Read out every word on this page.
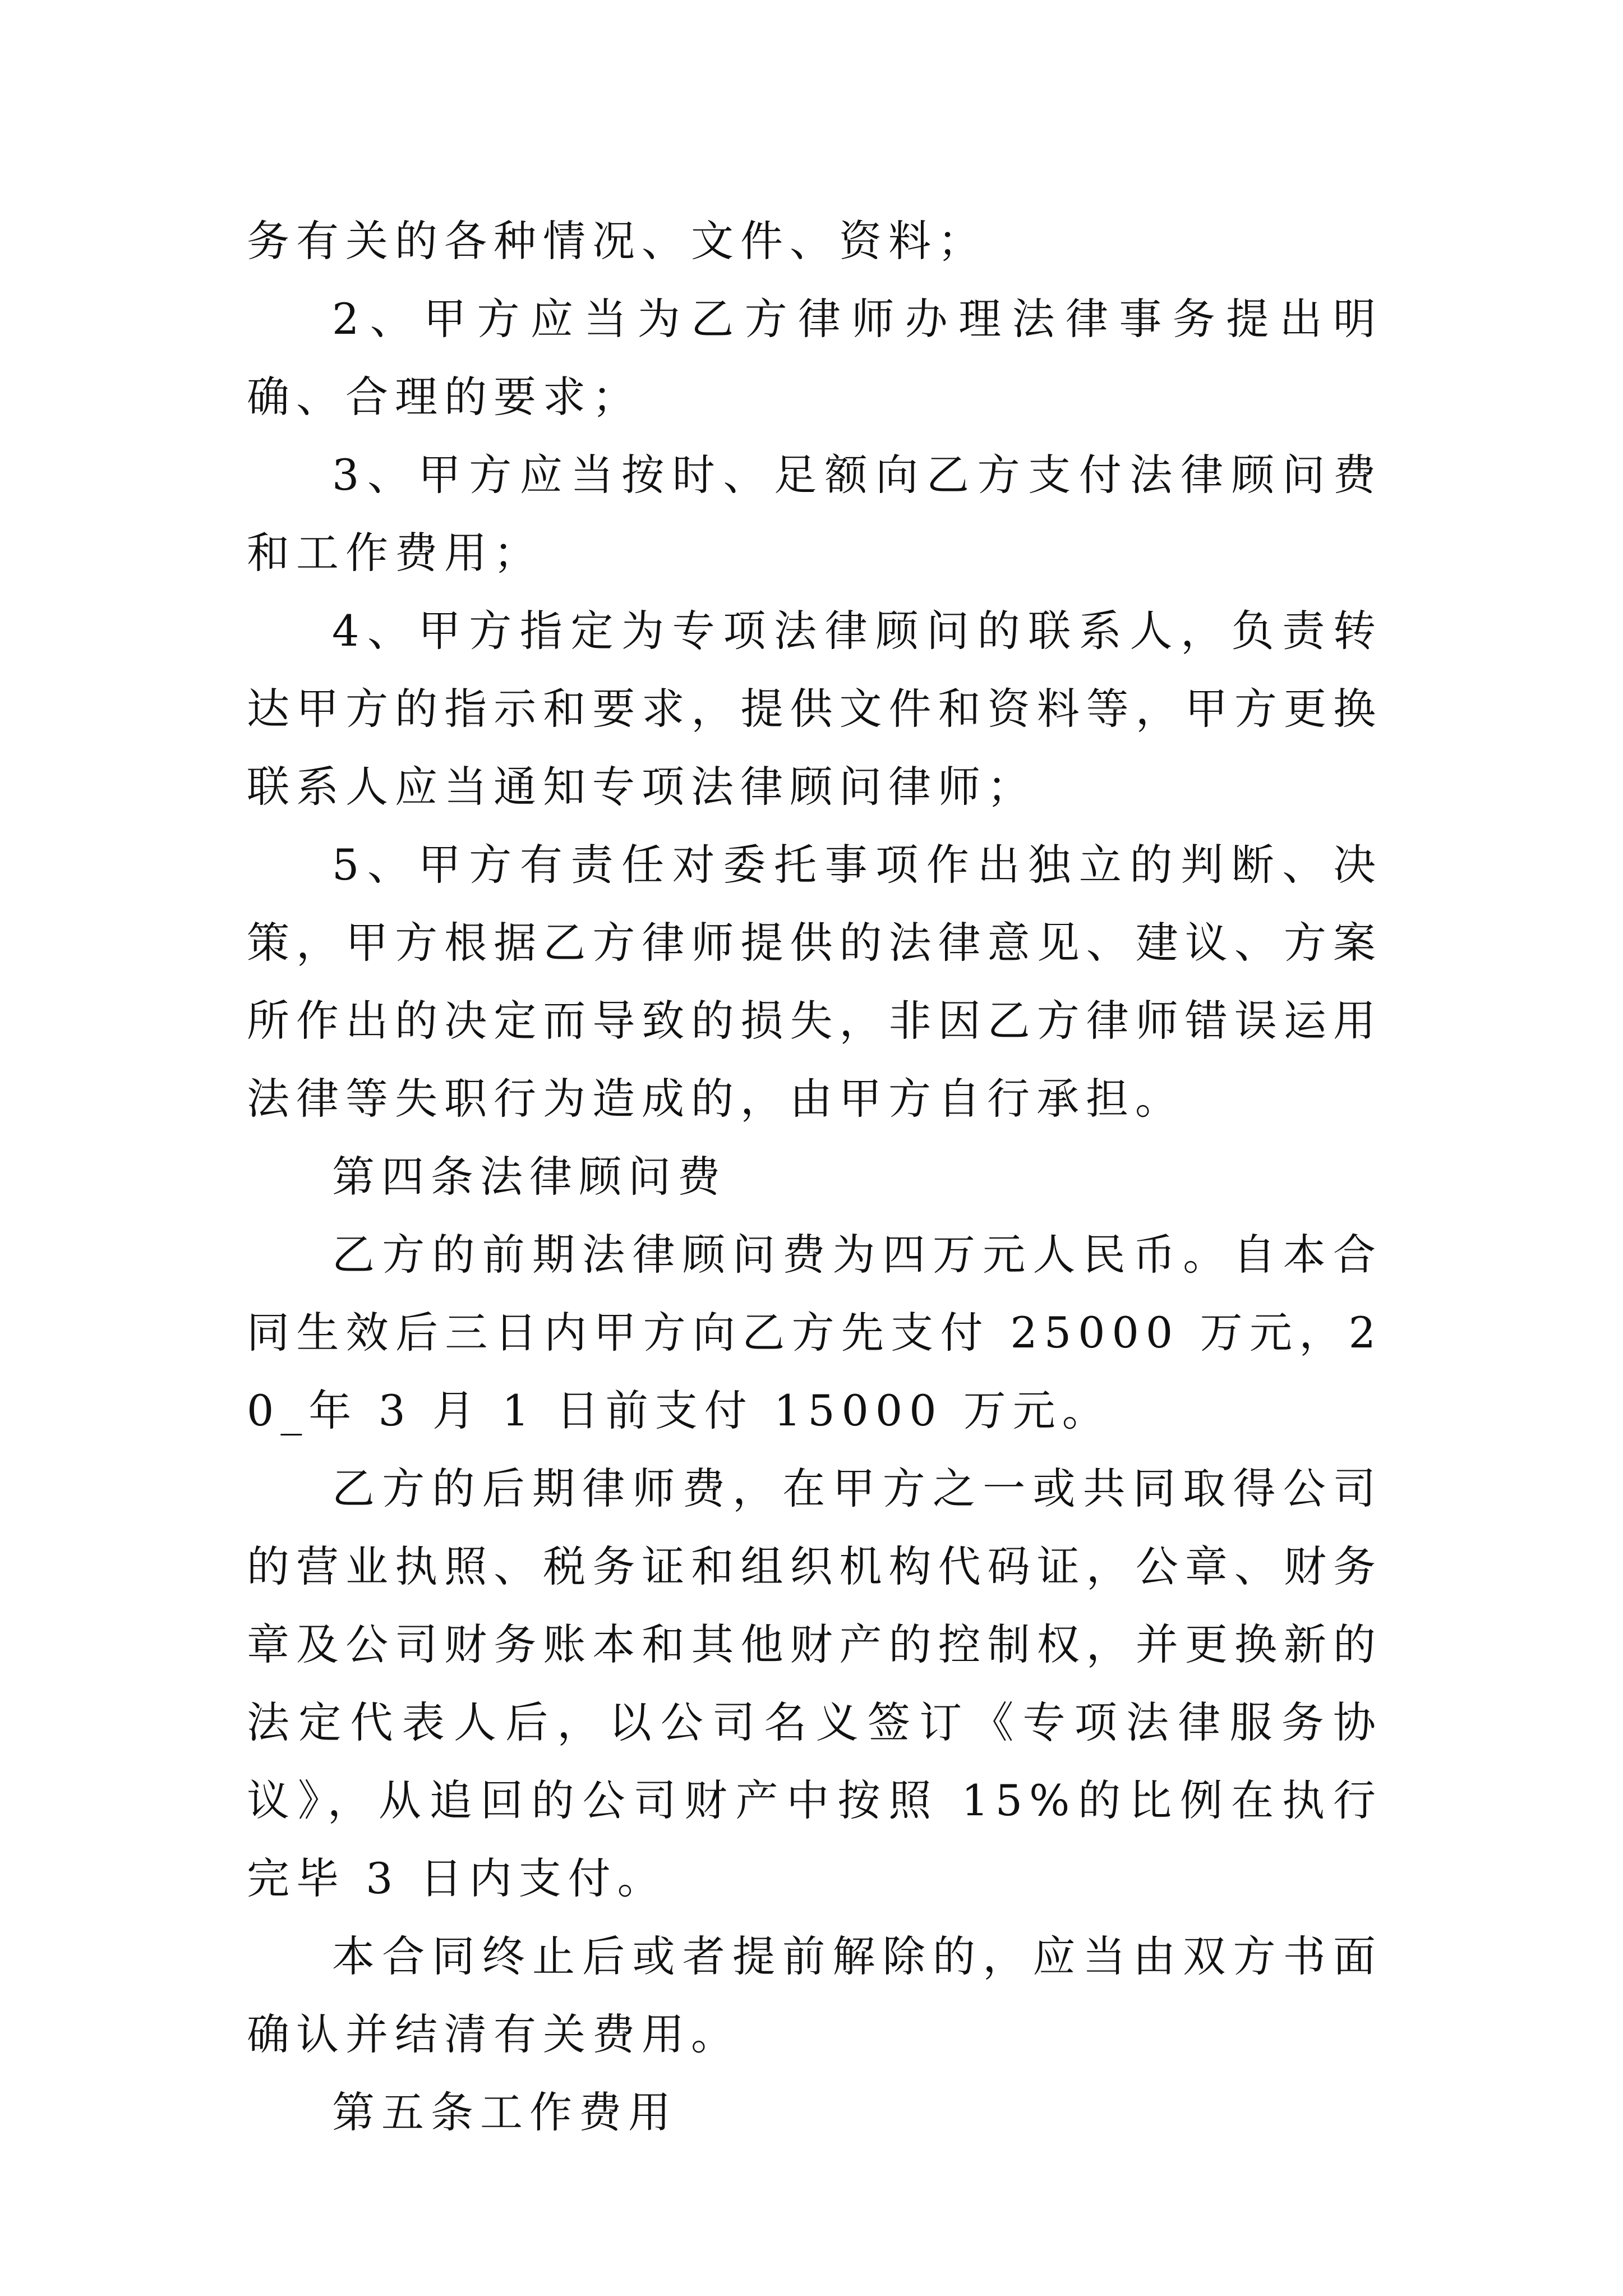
务有关的各种情况、文件、资料；

2、甲方应当为乙方律师办理法律事务提出明确、合理的要求；

3、甲方应当按时、足额向乙方支付法律顾问费和工作费用；

4、甲方指定为专项法律顾问的联系人，负责转达甲方的指示和要求，提供文件和资料等，甲方更换联系人应当通知专项法律顾问律师；

5、甲方有责任对委托事项作出独立的判断、决策，甲方根据乙方律师提供的法律意见、建议、方案所作出的决定而导致的损失，非因乙方律师错误运用法律等失职行为造成的，由甲方自行承担。

第四条法律顾问费

乙方的前期法律顾问费为四万元人民币。自本合同生效后三日内甲方向乙方先支付 25000 万元，20_年 3 月 1 日前支付 15000 万元。

乙方的后期律师费，在甲方之一或共同取得公司的营业执照、税务证和组织机构代码证，公章、财务章及公司财务账本和其他财产的控制权，并更换新的法定代表人后，以公司名义签订《专项法律服务协议》，从追回的公司财产中按照 15%的比例在执行完毕 3 日内支付。

本合同终止后或者提前解除的，应当由双方书面确认并结清有关费用。

第五条工作费用
